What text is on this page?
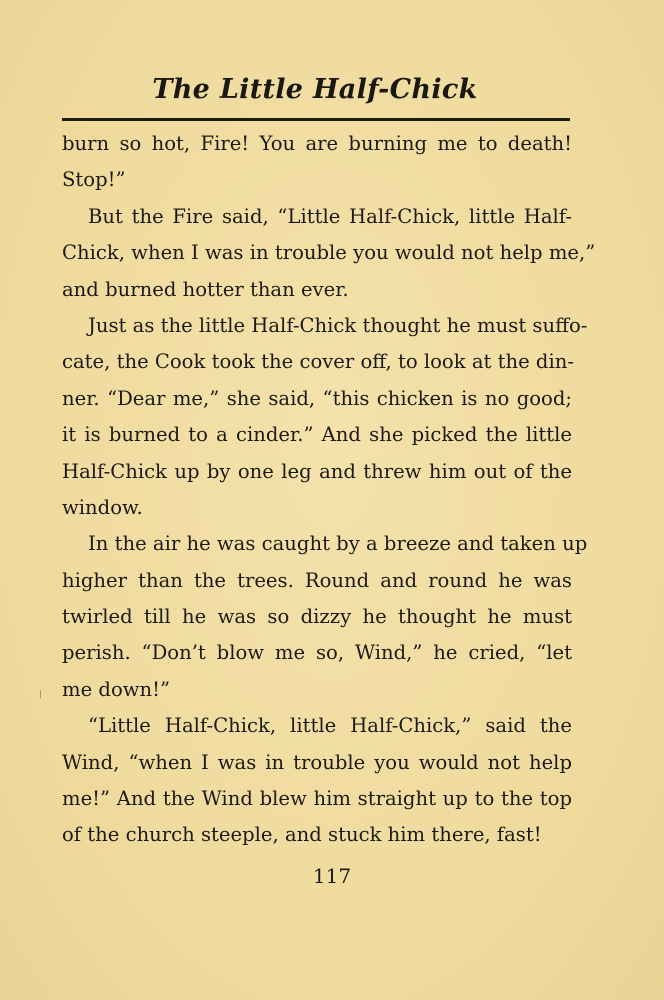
The Little Half-Chick
burn so hot, Fire! You are burning me to death!
Stop!”
But the Fire said, “Little Half-Chick, little Half-
Chick, when I was in trouble you would not help me,”
and burned hotter than ever.
Just as the little Half-Chick thought he must suffo-
cate, the Cook took the cover off, to look at the din-
ner. “Dear me,” she said, “this chicken is no good;
it is burned to a cinder.” And she picked the little
Half-Chick up by one leg and threw him out of the
window.
In the air he was caught by a breeze and taken up
higher than the trees. Round and round he was
twirled till he was so dizzy he thought he must
perish. “Don’t blow me so, Wind,” he cried, “let
me down!”
“Little Half-Chick, little Half-Chick,” said the
Wind, “when I was in trouble you would not help
me!” And the Wind blew him straight up to the top
of the church steeple, and stuck him there, fast!
117
